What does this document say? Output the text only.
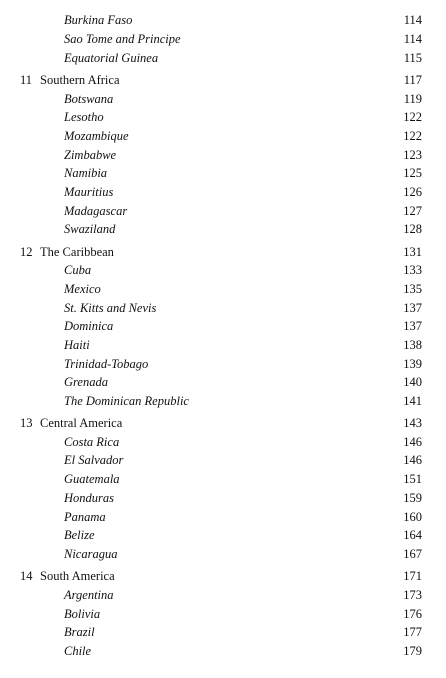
Burkina Faso	114
Sao Tome and Principe	114
Equatorial Guinea	115
11 Southern Africa	117
Botswana	119
Lesotho	122
Mozambique	122
Zimbabwe	123
Namibia	125
Mauritius	126
Madagascar	127
Swaziland	128
12 The Caribbean	131
Cuba	133
Mexico	135
St. Kitts and Nevis	137
Dominica	137
Haiti	138
Trinidad-Tobago	139
Grenada	140
The Dominican Republic	141
13 Central America	143
Costa Rica	146
El Salvador	146
Guatemala	151
Honduras	159
Panama	160
Belize	164
Nicaragua	167
14 South America	171
Argentina	173
Bolivia	176
Brazil	177
Chile	179
